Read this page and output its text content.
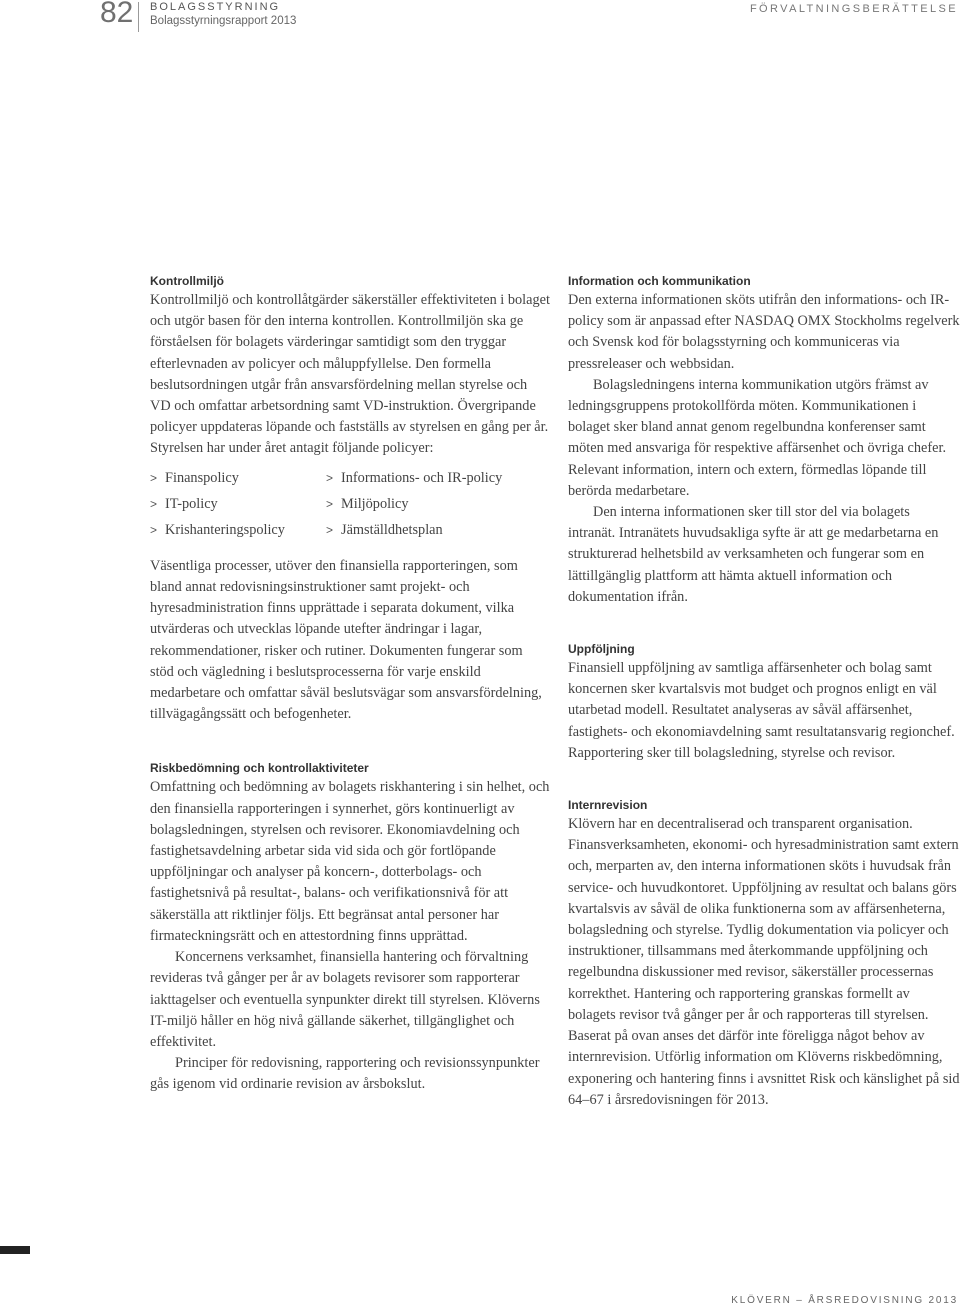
82 BOLAGSSTYRNING
Bolagsstyrningsrapport 2013
FÖRVALTNINGSBERÄTTELSE
Kontrollmiljö

Kontrollmiljö och kontrollåtgärder säkerställer effektiviteten i bolaget och utgör basen för den interna kontrollen. Kontrollmiljön ska ge förståelsen för bolagets värderingar samtidigt som den tryggar efterlevnaden av policyer och måluppfyllelse. Den formella beslutsordningen utgår från ansvarsfördelning mellan styrelse och VD och omfattar arbetsordning samt VD-instruktion. Övergripande policyer uppdateras löpande och fastställs av styrelsen en gång per år. Styrelsen har under året antagit följande policyer:

> Finanspolicy	> Informations- och IR-policy
> IT-policy	> Miljöpolicy
> Krishanteringspolicy	> Jämställdhetsplan

Väsentliga processer, utöver den finansiella rapporteringen, som bland annat redovisningsinstruktioner samt projekt- och hyresadministration finns upprättade i separata dokument, vilka utvärderas och utvecklas löpande utefter ändringar i lagar, rekommendationer, risker och rutiner. Dokumenten fungerar som stöd och vägledning i beslutsprocesserna för varje enskild medarbetare och omfattar såväl beslutsvägar som ansvarsfördelning, tillvägagångssätt och befogenheter.

Riskbedömning och kontrollaktiviteter

Omfattning och bedömning av bolagets riskhantering i sin helhet, och den finansiella rapporteringen i synnerhet, görs kontinuerligt av bolagsledningen, styrelsen och revisorer. Ekonomiavdelning och fastighetsavdelning arbetar sida vid sida och gör fortlöpande uppföljningar och analyser på koncern-, dotterbolags- och fastighetsnivå på resultat-, balans- och verifikationsnivå för att säkerställa att riktlinjer följs. Ett begränsat antal personer har firmateckningsrätt och en attestordning finns upprättad.

Koncernens verksamhet, finansiella hantering och förvaltning revideras två gånger per år av bolagets revisorer som rapporterar iakttagelser och eventuella synpunkter direkt till styrelsen. Klöverns IT-miljö håller en hög nivå gällande säkerhet, tillgänglighet och effektivitet.

Principer för redovisning, rapportering och revisionssynpunkter gås igenom vid ordinarie revision av årsbokslut.

Information och kommunikation

Den externa informationen sköts utifrån den informations- och IR-policy som är anpassad efter NASDAQ OMX Stockholms regelverk och Svensk kod för bolagsstyrning och kommuniceras via pressreleaser och webbsidan.

Bolagsledningens interna kommunikation utgörs främst av ledningsgruppens protokollförda möten. Kommunikationen i bolaget sker bland annat genom regelbundna konferenser samt möten med ansvariga för respektive affärsenhet och övriga chefer. Relevant information, intern och extern, förmedlas löpande till berörda medarbetare.

Den interna informationen sker till stor del via bolagets intranät. Intranätets huvudsakliga syfte är att ge medarbetarna en strukturerad helhetsbild av verksamheten och fungerar som en lättillgänglig plattform att hämta aktuell information och dokumentation ifrån.

Uppföljning

Finansiell uppföljning av samtliga affärsenheter och bolag samt koncernen sker kvartalsvis mot budget och prognos enligt en väl utarbetad modell. Resultatet analyseras av såväl affärsenhet, fastighets- och ekonomiavdelning samt resultatansvarig regionchef. Rapportering sker till bolagsledning, styrelse och revisor.

Internrevision

Klövern har en decentraliserad och transparent organisation. Finansverksamheten, ekonomi- och hyresadministration samt extern och, merparten av, den interna informationen sköts i huvudsak från service- och huvudkontoret. Uppföljning av resultat och balans görs kvartalsvis av såväl de olika funktionerna som av affärsenheterna, bolagsledning och styrelse. Tydlig dokumentation via policyer och instruktioner, tillsammans med återkommande uppföljning och regelbundna diskussioner med revisor, säkerställer processernas korrekthet. Hantering och rapportering granskas formellt av bolagets revisor två gånger per år och rapporteras till styrelsen. Baserat på ovan anses det därför inte föreligga något behov av internrevision. Utförlig information om Klöverns riskbedömning, exponering och hantering finns i avsnittet Risk och känslighet på sid 64–67 i årsredovisningen för 2013.

KLÖVERN – ÅRSREDOVISNING 2013
